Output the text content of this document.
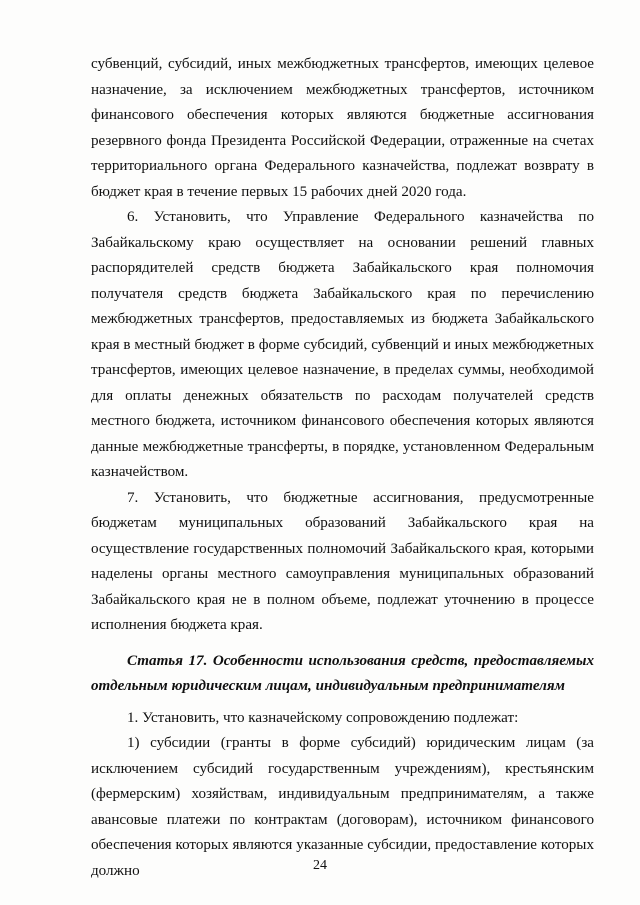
субвенций, субсидий, иных межбюджетных трансфертов, имеющих целевое назначение, за исключением межбюджетных трансфертов, источником финансового обеспечения которых являются бюджетные ассигнования резервного фонда Президента Российской Федерации, отраженные на счетах территориального органа Федерального казначейства, подлежат возврату в бюджет края в течение первых 15 рабочих дней 2020 года.

6. Установить, что Управление Федерального казначейства по Забайкальскому краю осуществляет на основании решений главных распорядителей средств бюджета Забайкальского края полномочия получателя средств бюджета Забайкальского края по перечислению межбюджетных трансфертов, предоставляемых из бюджета Забайкальского края в местный бюджет в форме субсидий, субвенций и иных межбюджетных трансфертов, имеющих целевое назначение, в пределах суммы, необходимой для оплаты денежных обязательств по расходам получателей средств местного бюджета, источником финансового обеспечения которых являются данные межбюджетные трансферты, в порядке, установленном Федеральным казначейством.

7. Установить, что бюджетные ассигнования, предусмотренные бюджетам муниципальных образований Забайкальского края на осуществление государственных полномочий Забайкальского края, которыми наделены органы местного самоуправления муниципальных образований Забайкальского края не в полном объеме, подлежат уточнению в процессе исполнения бюджета края.

Статья 17. Особенности использования средств, предоставляемых отдельным юридическим лицам, индивидуальным предпринимателям

1. Установить, что казначейскому сопровождению подлежат:

1) субсидии (гранты в форме субсидий) юридическим лицам (за исключением субсидий государственным учреждениям), крестьянским (фермерским) хозяйствам, индивидуальным предпринимателям, а также авансовые платежи по контрактам (договорам), источником финансового обеспечения которых являются указанные субсидии, предоставление которых должно	24
